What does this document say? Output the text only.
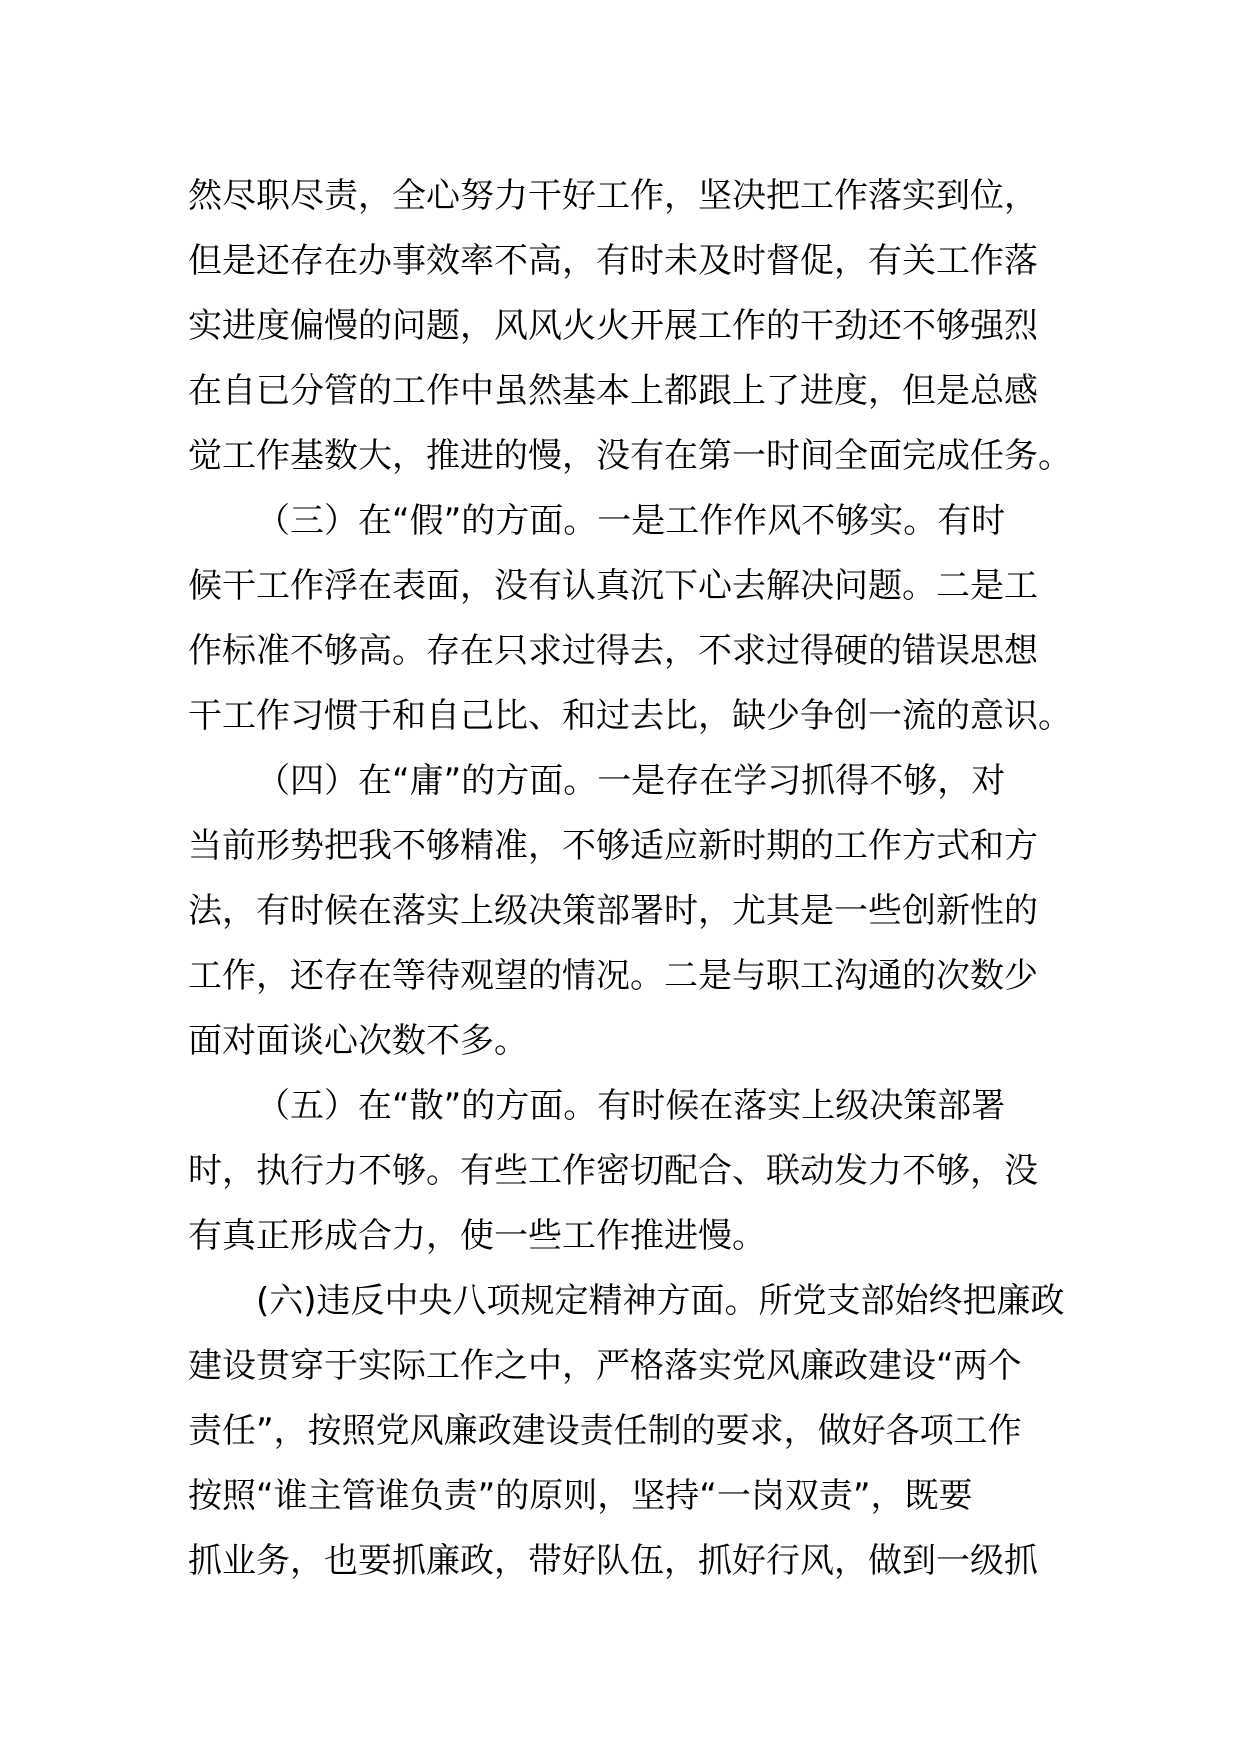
然尽职尽责，全心努力干好工作，坚决把工作落实到位，
但是还存在办事效率不高，有时未及时督促，有关工作落
实进度偏慢的问题，风风火火开展工作的干劲还不够强烈
在自已分管的工作中虽然基本上都跟上了进度，但是总感
觉工作基数大，推进的慢，没有在第一时间全面完成任务。
（三）在“假”的方面。一是工作作风不够实。有时
候干工作浮在表面，没有认真沉下心去解决问题。二是工
作标准不够高。存在只求过得去，不求过得硬的错误思想
干工作习惯于和自己比、和过去比，缺少争创一流的意识。
（四）在“庸”的方面。一是存在学习抓得不够，对
当前形势把我不够精准，不够适应新时期的工作方式和方
法，有时候在落实上级决策部署时，尤其是一些创新性的
工作，还存在等待观望的情况。二是与职工沟通的次数少
面对面谈心次数不多。
（五）在“散”的方面。有时候在落实上级决策部署
时，执行力不够。有些工作密切配合、联动发力不够，没
有真正形成合力，使一些工作推进慢。
(六)违反中央八项规定精神方面。所党支部始终把廉政
建设贯穿于实际工作之中，严格落实党风廉政建设“两个
责任”，按照党风廉政建设责任制的要求，做好各项工作
按照“谁主管谁负责”的原则，坚持“一岗双责”，既要
抓业务，也要抓廉政，带好队伍，抓好行风，做到一级抓
